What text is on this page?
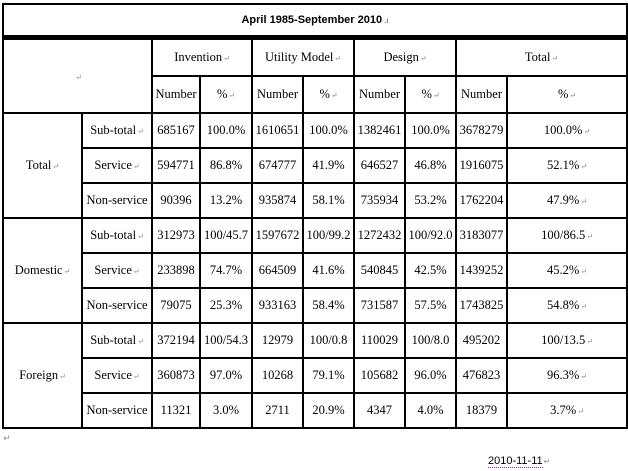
April 1985-September 2010 .ı									
↵		Invention ↵		Utility Model ↵		Design ↵		Total ↵
		Number	% ↵	Number	% ↵	Number	% ↵	Number	% ↵
Total ↵	Sub-total ↵	685167	100.0%	1610651	100.0%	1382461	100.0%	3678279	100.0% ↵
	Service ↵	594771	86.8%	674777	41.9%	646527	46.8%	1916075	52.1% ↵
	Non-service	90396	13.2%	935874	58.1%	735934	53.2%	1762204	47.9% ↵
Domestic ↵	Sub-total ↵	312973	100/45.7	1597672	100/99.2	1272432	100/92.0	3183077	100/86.5 ↵
	Service ↵	233898	74.7%	664509	41.6%	540845	42.5%	1439252	45.2% ↵
	Non-service	79075	25.3%	933163	58.4%	731587	57.5%	1743825	54.8% ↵
Foreign ↵	Sub-total ↵	372194	100/54.3	12979	100/0.8	110029	100/8.0	495202	100/13.5 ↵
	Service ↵	360873	97.0%	10268	79.1%	105682	96.0%	476823	96.3% ↵
	Non-service	11321	3.0%	2711	20.9%	4347	4.0%	18379	3.7% ↵
↵
2010-11-11↵
